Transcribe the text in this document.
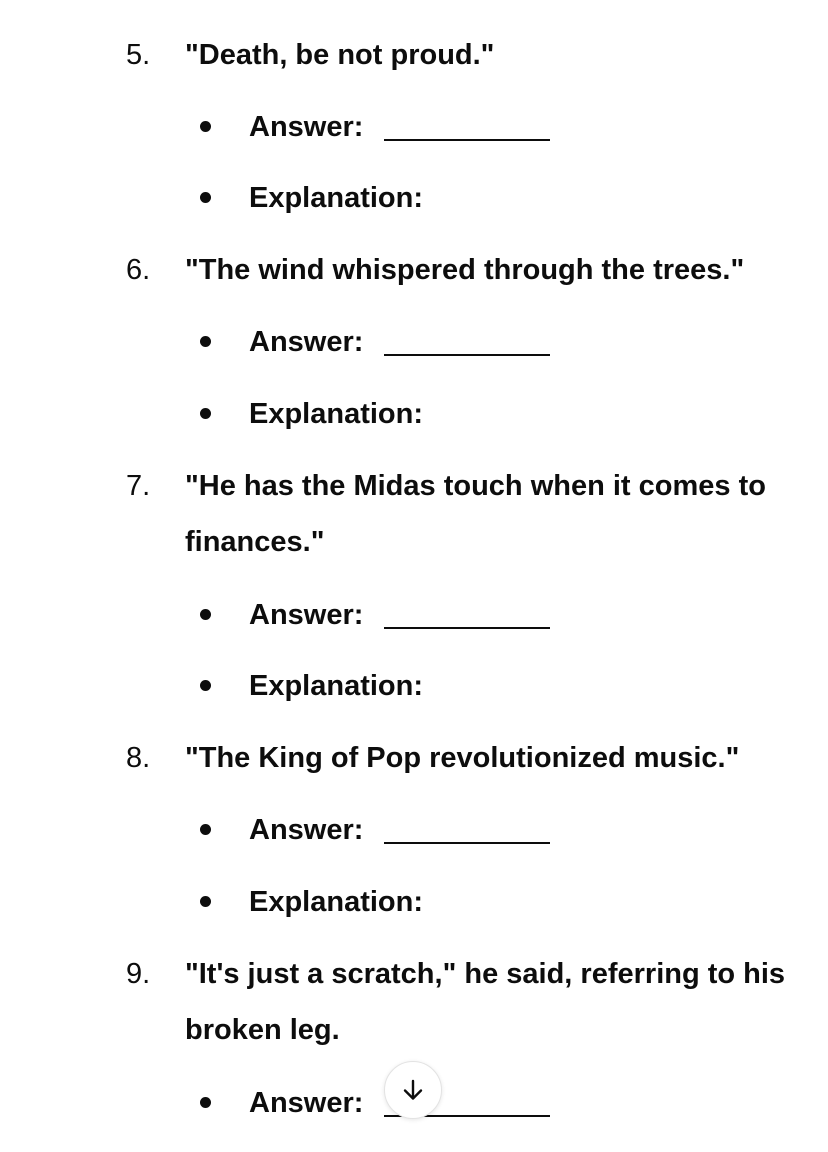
5. "Death, be not proud."
Answer:
Explanation:
6. "The wind whispered through the trees."
Answer:
Explanation:
7. "He has the Midas touch when it comes to finances."
Answer:
Explanation:
8. "The King of Pop revolutionized music."
Answer:
Explanation:
9. "It's just a scratch," he said, referring to his broken leg.
Answer:
